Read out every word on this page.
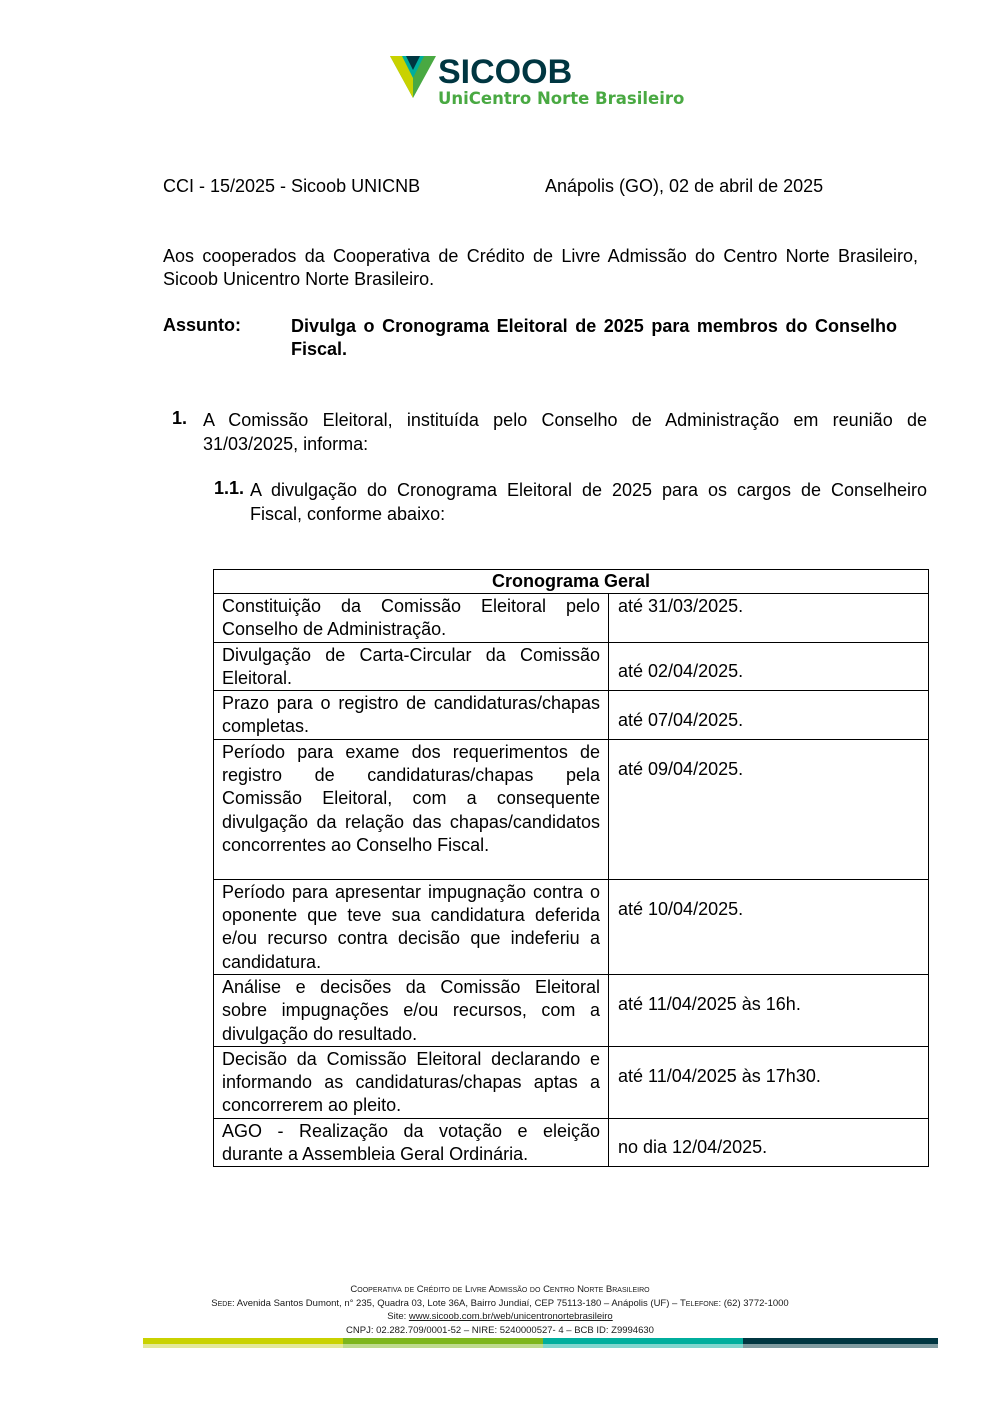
SICOOB
UniCentro Norte Brasileiro
CCI - 15/2025 - Sicoob UNICNB	Anápolis (GO), 02 de abril de 2025
Aos cooperados da Cooperativa de Crédito de Livre Admissão do Centro Norte Brasileiro, Sicoob Unicentro Norte Brasileiro.
Assunto:	Divulga o Cronograma Eleitoral de 2025 para membros do Conselho Fiscal.
1. A Comissão Eleitoral, instituída pelo Conselho de Administração em reunião de 31/03/2025, informa:
1.1. A divulgação do Cronograma Eleitoral de 2025 para os cargos de Conselheiro Fiscal, conforme abaixo:
Cronograma Geral	
Constituição da Comissão Eleitoral pelo Conselho de Administração.	até 31/03/2025.
Divulgação de Carta-Circular da Comissão Eleitoral.	até 02/04/2025.
Prazo para o registro de candidaturas/chapas completas.	até 07/04/2025.
Período para exame dos requerimentos de registro de candidaturas/chapas pela Comissão Eleitoral, com a consequente divulgação da relação das chapas/candidatos concorrentes ao Conselho Fiscal.	até 09/04/2025.
Período para apresentar impugnação contra o oponente que teve sua candidatura deferida e/ou recurso contra decisão que indeferiu a candidatura.	até 10/04/2025.
Análise e decisões da Comissão Eleitoral sobre impugnações e/ou recursos, com a divulgação do resultado.	até 11/04/2025 às 16h.
Decisão da Comissão Eleitoral declarando e informando as candidaturas/chapas aptas a concorrerem ao pleito.	até 11/04/2025 às 17h30.
AGO - Realização da votação e eleição durante a Assembleia Geral Ordinária.	no dia 12/04/2025.
Cooperativa de Crédito de Livre Admissão do Centro Norte Brasileiro
Sede: Avenida Santos Dumont, n° 235, Quadra 03, Lote 36A, Bairro Jundiaí, CEP 75113-180 – Anápolis (UF) – Telefone: (62) 3772-1000
Site: www.sicoob.com.br/web/unicentronortebrasileiro
CNPJ: 02.282.709/0001-52 – NIRE: 5240000527- 4 – BCB ID: Z9994630
